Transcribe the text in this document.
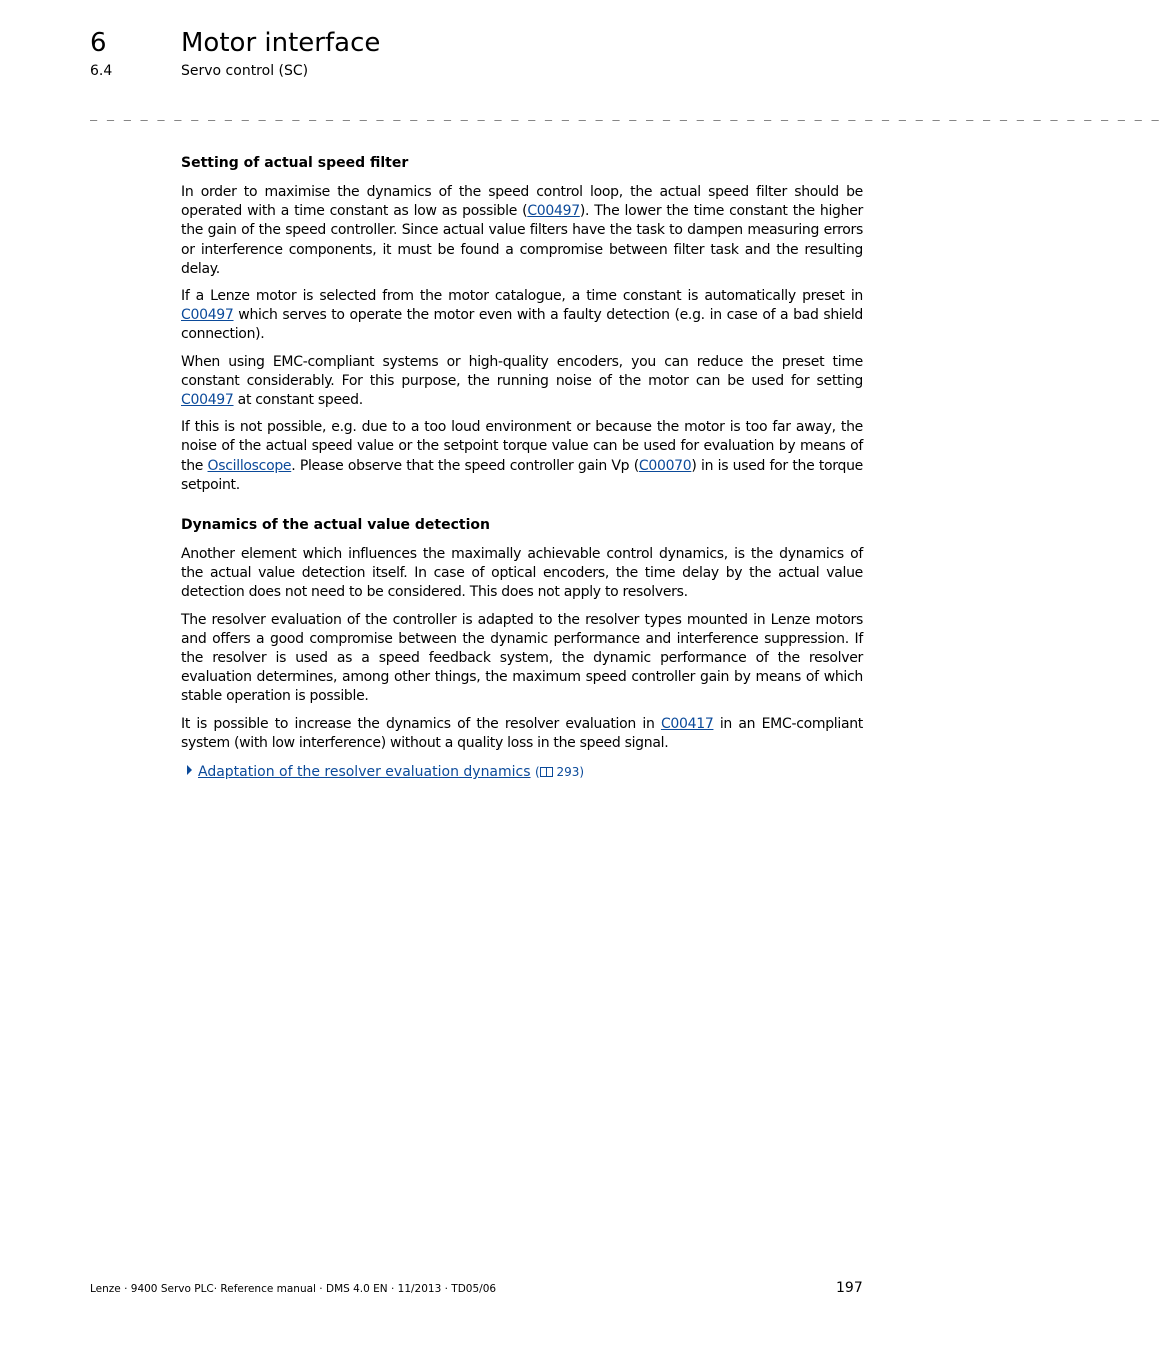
6	Motor interface
6.4	Servo control (SC)
_ _ _ _ _ _ _ _ _ _ _ _ _ _ _ _ _ _ _ _ _ _ _ _ _ _ _ _ _ _ _ _ _ _ _ _ _ _ _ _ _ _ _ _ _ _ _ _ _ _ _ _ _ _ _ _ _ _ _ _ _ _ _ _
Setting of actual speed filter

In order to maximise the dynamics of the speed control loop, the actual speed filter should be operated with a time constant as low as possible (C00497). The lower the time constant the higher the gain of the speed controller. Since actual value filters have the task to dampen measuring errors or interference components, it must be found a compromise between filter task and the resulting delay.

If a Lenze motor is selected from the motor catalogue, a time constant is automatically preset in C00497 which serves to operate the motor even with a faulty detection (e.g. in case of a bad shield connection).

When using EMC-compliant systems or high-quality encoders, you can reduce the preset time constant considerably. For this purpose, the running noise of the motor can be used for setting C00497 at constant speed.

If this is not possible, e.g. due to a too loud environment or because the motor is too far away, the noise of the actual speed value or the setpoint torque value can be used for evaluation by means of the Oscilloscope. Please observe that the speed controller gain Vp (C00070) in is used for the torque setpoint.

Dynamics of the actual value detection

Another element which influences the maximally achievable control dynamics, is the dynamics of the actual value detection itself. In case of optical encoders, the time delay by the actual value detection does not need to be considered. This does not apply to resolvers.

The resolver evaluation of the controller is adapted to the resolver types mounted in Lenze motors and offers a good compromise between the dynamic performance and interference suppression. If the resolver is used as a speed feedback system, the dynamic performance of the resolver evaluation determines, among other things, the maximum speed controller gain by means of which stable operation is possible.

It is possible to increase the dynamics of the resolver evaluation in C00417 in an EMC-compliant system (with low interference) without a quality loss in the speed signal.

Adaptation of the resolver evaluation dynamics ( 293)
Lenze · 9400 Servo PLC· Reference manual · DMS 4.0 EN · 11/2013 · TD05/06	197
